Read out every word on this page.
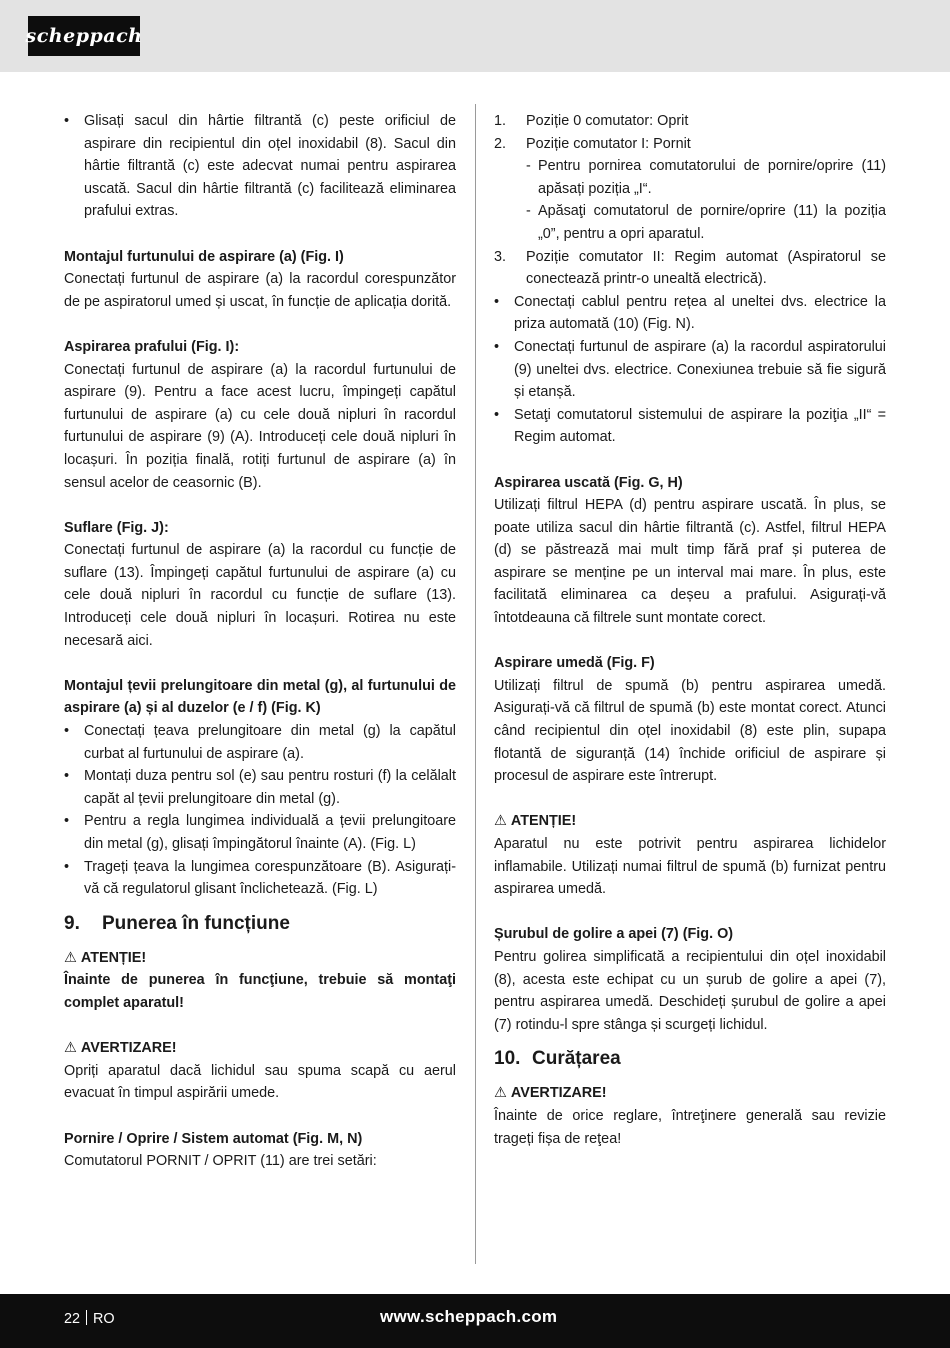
scheppach
• Glisați sacul din hârtie filtrantă (c) peste orificiul de aspirare din recipientul din oțel inoxidabil (8). Sacul din hârtie filtrantă (c) este adecvat numai pentru aspirarea uscată. Sacul din hârtie filtrantă (c) facilitează eliminarea prafului extras.

Montajul furtunului de aspirare (a) (Fig. I)

Conectați furtunul de aspirare (a) la racordul corespunzător de pe aspiratorul umed și uscat, în funcție de aplicația dorită.

Aspirarea prafului (Fig. I):

Conectați furtunul de aspirare (a) la racordul furtunului de aspirare (9). Pentru a face acest lucru, împingeți capătul furtunului de aspirare (a) cu cele două nipluri în racordul furtunului de aspirare (9) (A). Introduceți cele două nipluri în locașuri. În poziția finală, rotiți furtunul de aspirare (a) în sensul acelor de ceasornic (B).

Suflare (Fig. J):

Conectați furtunul de aspirare (a) la racordul cu funcție de suflare (13). Împingeți capătul furtunului de aspirare (a) cu cele două nipluri în racordul cu funcție de suflare (13). Introduceți cele două nipluri în locașuri. Rotirea nu este necesară aici.

Montajul țevii prelungitoare din metal (g), al furtunului de aspirare (a) și al duzelor (e / f) (Fig. K)

• Conectați țeava prelungitoare din metal (g) la capătul curbat al furtunului de aspirare (a).
• Montați duza pentru sol (e) sau pentru rosturi (f) la celălalt capăt al țevii prelungitoare din metal (g).
• Pentru a regla lungimea individuală a țevii prelungitoare din metal (g), glisați împingătorul înainte (A). (Fig. L)
• Trageți țeava la lungimea corespunzătoare (B). Asigurați-vă că regulatorul glisant înclichetează. (Fig. L)
9. Punerea în funcțiune

⚠ ATENȚIE!

Înainte de punerea în funcţiune, trebuie să montaţi complet aparatul!

⚠ AVERTIZARE!

Opriți aparatul dacă lichidul sau spuma scapă cu aerul evacuat în timpul aspirării umede.

Pornire / Oprire / Sistem automat (Fig. M, N)

Comutatorul PORNIT / OPRIT (11) are trei setări:

1. Poziție 0 comutator: Oprit
2. Poziție comutator I: Pornit
- Pentru pornirea comutatorului de pornire/oprire (11) apăsați poziția „I“.
- Apăsaţi comutatorul de pornire/oprire (11) la poziția „0”, pentru a opri aparatul.
3. Poziție comutator II: Regim automat (Aspiratorul se conectează printr-o unealtă electrică).
• Conectați cablul pentru rețea al uneltei dvs. electrice la priza automată (10) (Fig. N).
• Conectați furtunul de aspirare (a) la racordul aspiratorului (9) uneltei dvs. electrice. Conexiunea trebuie să fie sigură și etanșă.
• Setaţi comutatorul sistemului de aspirare la poziţia „II“ = Regim automat.

Aspirarea uscată (Fig. G, H)

Utilizați filtrul HEPA (d) pentru aspirare uscată. În plus, se poate utiliza sacul din hârtie filtrantă (c). Astfel, filtrul HEPA (d) se păstrează mai mult timp fără praf și puterea de aspirare se menține pe un interval mai mare. În plus, este facilitată eliminarea ca deșeu a prafului. Asigurați-vă întotdeauna că filtrele sunt montate corect.

Aspirare umedă (Fig. F)

Utilizați filtrul de spumă (b) pentru aspirarea umedă. Asigurați-vă că filtrul de spumă (b) este montat corect. Atunci când recipientul din oțel inoxidabil (8) este plin, supapa flotantă de siguranță (14) închide orificiul de aspirare și procesul de aspirare este întrerupt.

⚠ ATENȚIE!

Aparatul nu este potrivit pentru aspirarea lichidelor inflamabile. Utilizați numai filtrul de spumă (b) furnizat pentru aspirarea umedă.

Șurubul de golire a apei (7) (Fig. O)

Pentru golirea simplificată a recipientului din oțel inoxidabil (8), acesta este echipat cu un șurub de golire a apei (7), pentru aspirarea umedă. Deschideți șurubul de golire a apei (7) rotindu-l spre stânga și scurgeți lichidul.

10. Curățarea

⚠ AVERTIZARE!

Înainte de orice reglare, întreţinere generală sau revizie trageți fișa de reţea!

22 RO	www.scheppach.com
